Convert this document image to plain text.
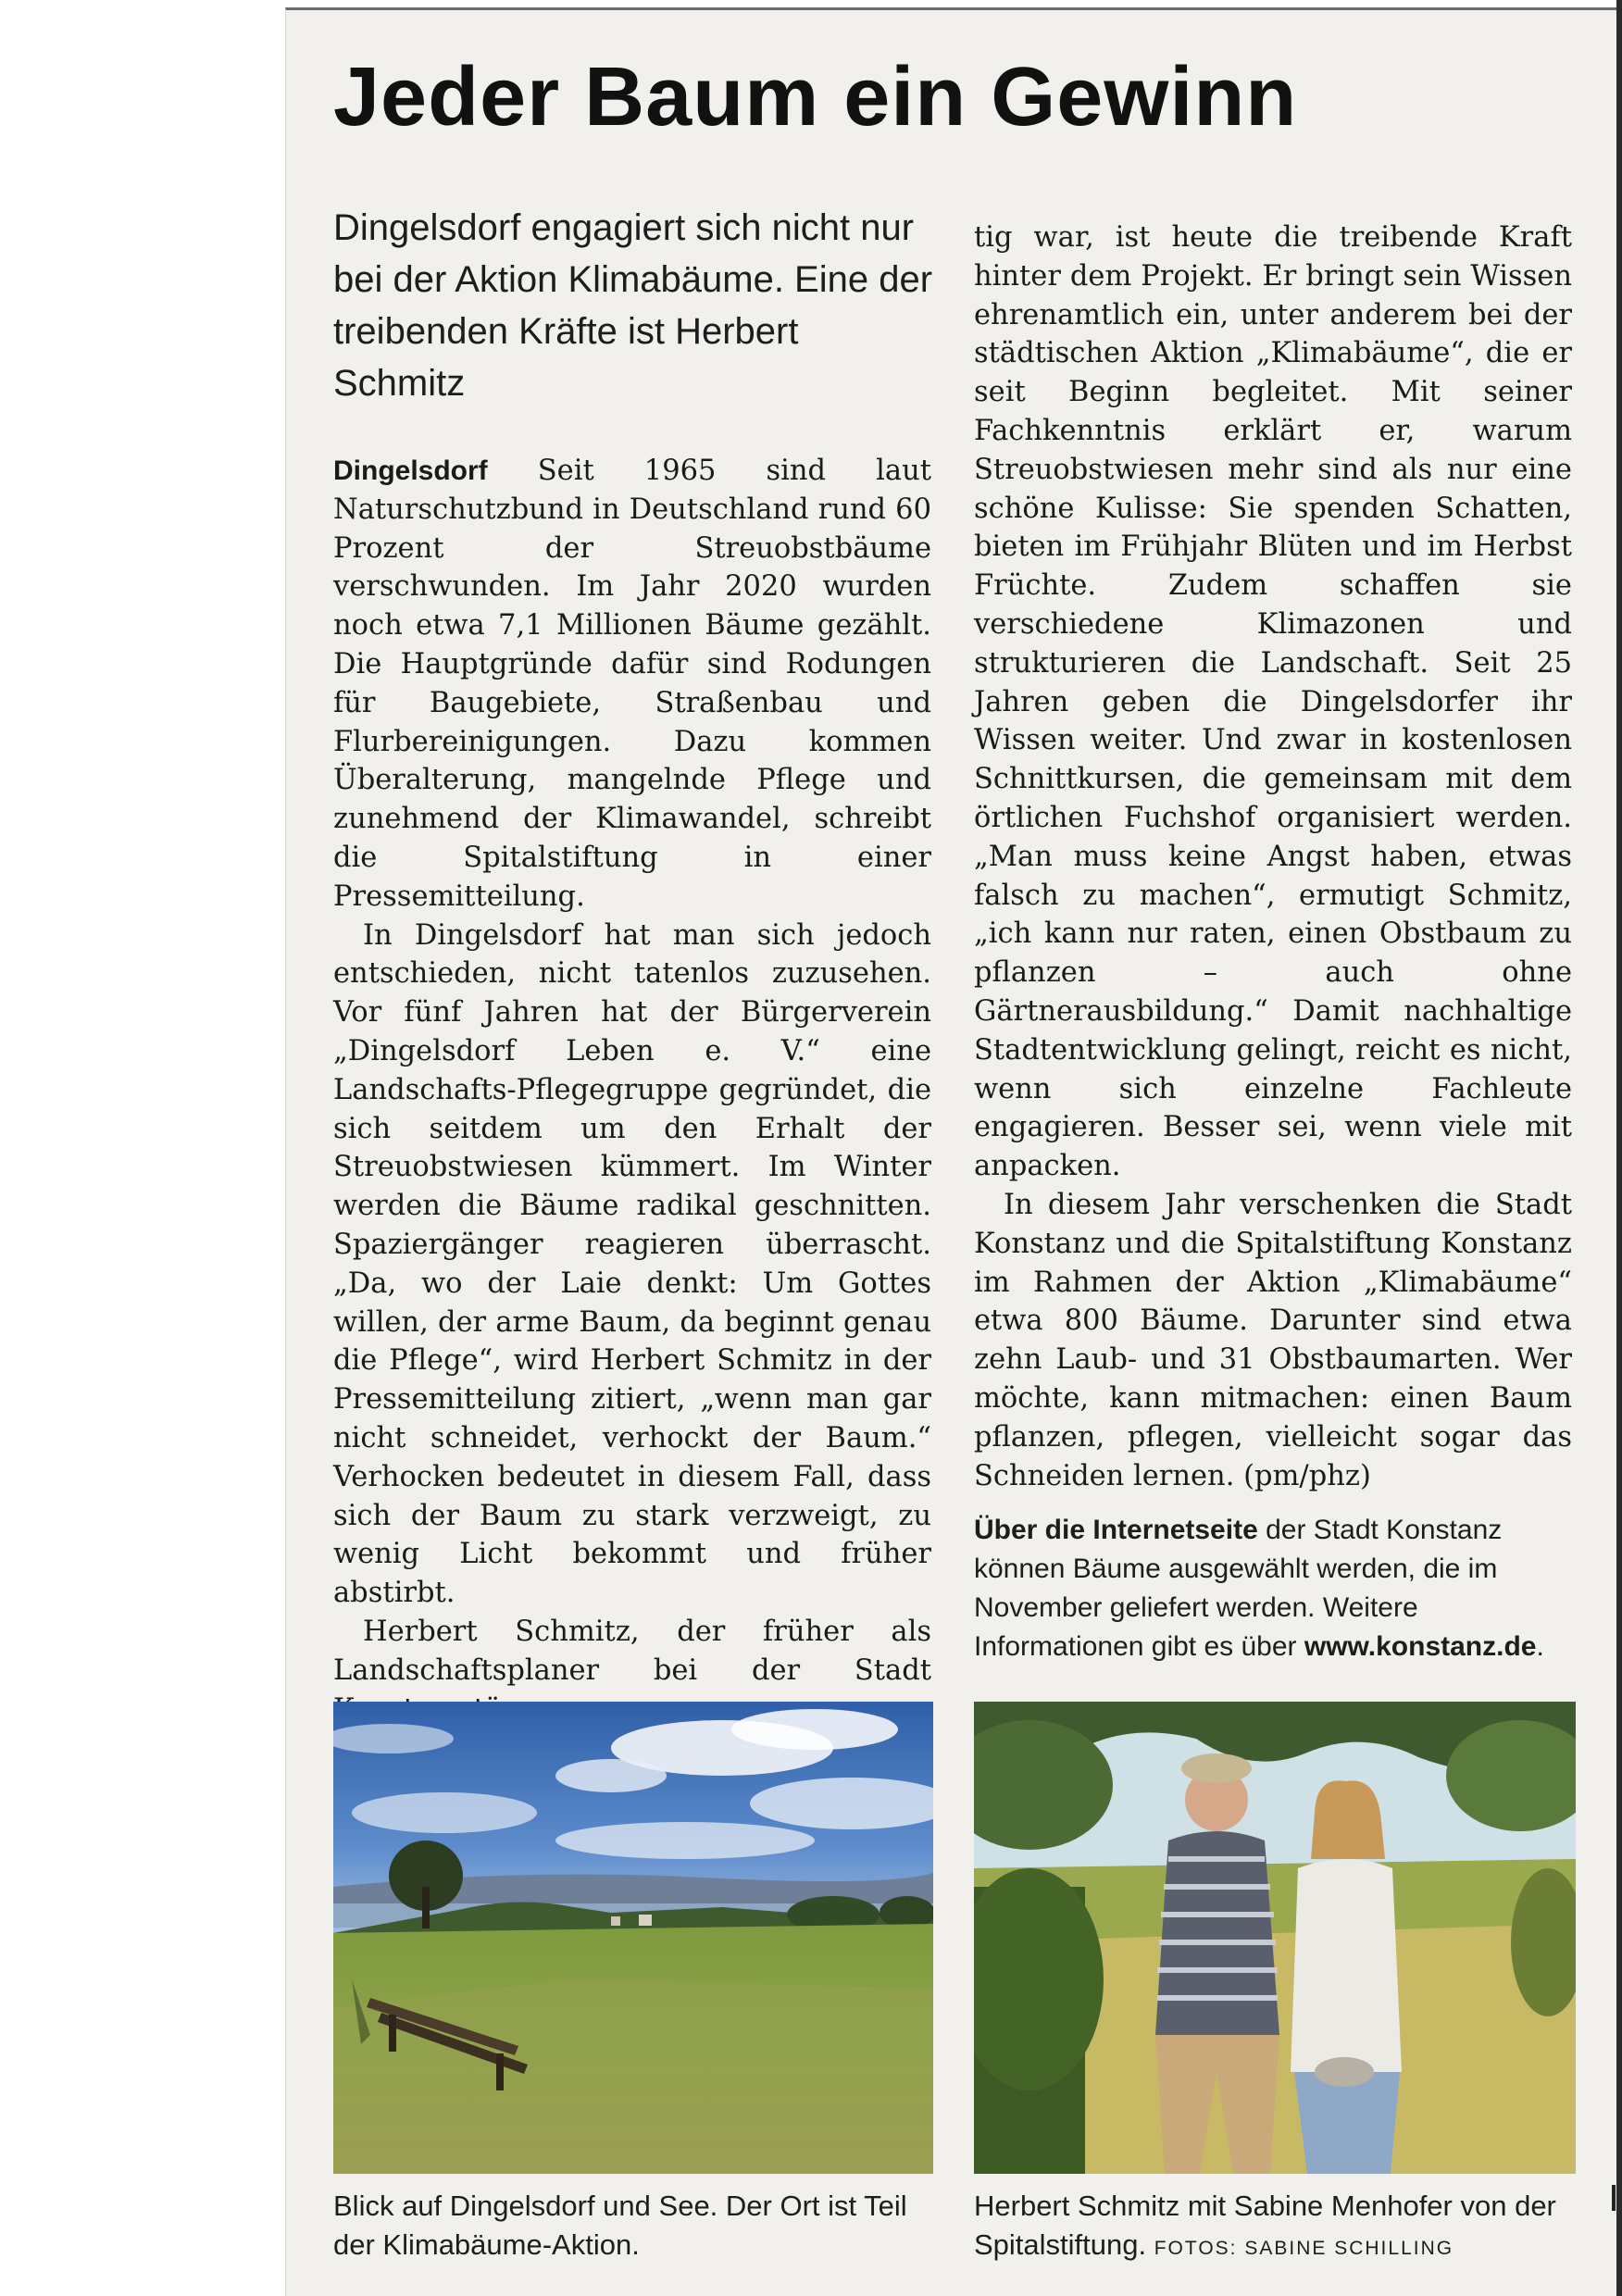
Jeder Baum ein Gewinn

Dingelsdorf engagiert sich nicht nur bei der Aktion Klimabäume. Eine der treibenden Kräfte ist Herbert Schmitz

Dingelsdorf Seit 1965 sind laut Naturschutzbund in Deutschland rund 60 Prozent der Streuobstbäume verschwunden. Im Jahr 2020 wurden noch etwa 7,1 Millionen Bäume gezählt. Die Hauptgründe dafür sind Rodungen für Baugebiete, Straßenbau und Flurbereinigungen. Dazu kommen Überalterung, mangelnde Pflege und zunehmend der Klimawandel, schreibt die Spitalstiftung in einer Pressemitteilung.

In Dingelsdorf hat man sich jedoch entschieden, nicht tatenlos zuzusehen. Vor fünf Jahren hat der Bürgerverein „Dingelsdorf Leben e. V.“ eine Landschafts-Pflegegruppe gegründet, die sich seitdem um den Erhalt der Streuobstwiesen kümmert. Im Winter werden die Bäume radikal geschnitten. Spaziergänger reagieren überrascht. „Da, wo der Laie denkt: Um Gottes willen, der arme Baum, da beginnt genau die Pflege“, wird Herbert Schmitz in der Pressemitteilung zitiert, „wenn man gar nicht schneidet, verhockt der Baum.“ Verhocken bedeutet in diesem Fall, dass sich der Baum zu stark verzweigt, zu wenig Licht bekommt und früher abstirbt.

Herbert Schmitz, der früher als Landschaftsplaner bei der Stadt

tig war, ist heute die treibende Kraft hinter dem Projekt. Er bringt sein Wissen ehrenamtlich ein, unter anderem bei der städtischen Aktion „Klimabäume“, die er seit Beginn begleitet. Mit seiner Fachkenntnis erklärt er, warum Streuobstwiesen mehr sind als nur eine schöne Kulisse: Sie spenden Schatten, bieten im Frühjahr Blüten und im Herbst Früchte. Zudem schaffen sie verschiedene Klimazonen und strukturieren die Landschaft. Seit 25 Jahren geben die Dingelsdorfer ihr Wissen weiter. Und zwar in kostenlosen Schnittkursen, die gemeinsam mit dem örtlichen Fuchshof organisiert werden. „Man muss keine Angst haben, etwas falsch zu machen“, ermutigt Schmitz, „ich kann nur raten, einen Obstbaum zu pflanzen – auch ohne Gärtnerausbildung.“ Damit nachhaltige Stadtentwicklung gelingt, reicht es nicht, wenn sich einzelne Fachleute engagieren. Besser sei, wenn viele mit anpacken.

In diesem Jahr verschenken die Stadt Konstanz und die Spitalstiftung Konstanz im Rahmen der Aktion „Klimabäume“ etwa 800 Bäume. Darunter sind etwa zehn Laub- und 31 Obstbaumarten. Wer möchte, kann mitmachen: einen Baum pflanzen, pflegen, vielleicht sogar das Schneiden lernen. (pm/phz)

Über die Internetseite der Stadt Konstanz können Bäume ausgewählt werden, die im November geliefert werden. Weitere Informationen gibt es über www.konstanz.de.

Blick auf Dingelsdorf und See. Der Ort ist Teil der Klimabäume-Aktion.

Herbert Schmitz mit Sabine Menhofer von der Spitalstiftung. FOTOS: SABINE SCHILLING
